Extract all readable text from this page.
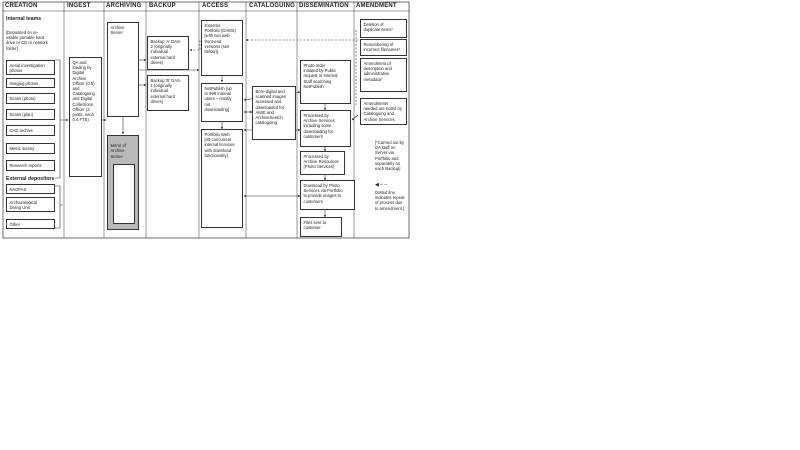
CREATION	INGEST	ARCHIVING BACKUP	ACCESS	CATALOGUING DISSEMINATION AMENDMENT
Internal teams
[Deposited on re-
usable portable hard
drive or CD or network
folder]
Aerial investigation
photos
Imaging photos
Scans (photo)
Scans (plan)
CAD archive
Metric survey
Research reports
External depositors
NADFAS
Archaeological
Diving Unit
Other
QA and
loading by
Digital
Archive
Officer (0.5)
and
Cataloguing
and Digital
Collections
Officer (2
posts, each
0.4 FTE)
Archive
Server

Mirror of
Archive
Server

Backup 'A' DAS-
2 (originally
individual
external hard
drives)
Backup 'B' DAS-
1 (originally
individual
external hard
drives)
Extensis
Portfolio (DAMS)
[with two web
front-end
versions (see
below)]
NetPublish [up
to 999 internal
users – mostly
not
downloading]
Portfolio Web
[40 concurrent
internal licences
with download
functionality]
Born-digital and
scanned images
accessed and
downloaded for
AMIE and
ArchiveSearch
cataloguing
Photo order
initiated by Public
request or Internal
Staff searching
NetPublish
Processed by
Archive Services
including some
downloading for
customers
Processed by
Archive Resources
(Photo Services)
Download by Photo
Services via Portfolio
to provide images to
customers
Files sent to
customer
Deletion of
duplicate items*
Renumbering of
incorrect filenames*
Amendment of
description and
administrative
metadata*
Amendments
needed are noted by
Cataloguing and
Archive Services
[*Carried out by
DA staff on
Server via
Portfolio and
separately on
each Backup]
◀ – –
Dotted line
indicates repeat
of process due
to amendment ]
